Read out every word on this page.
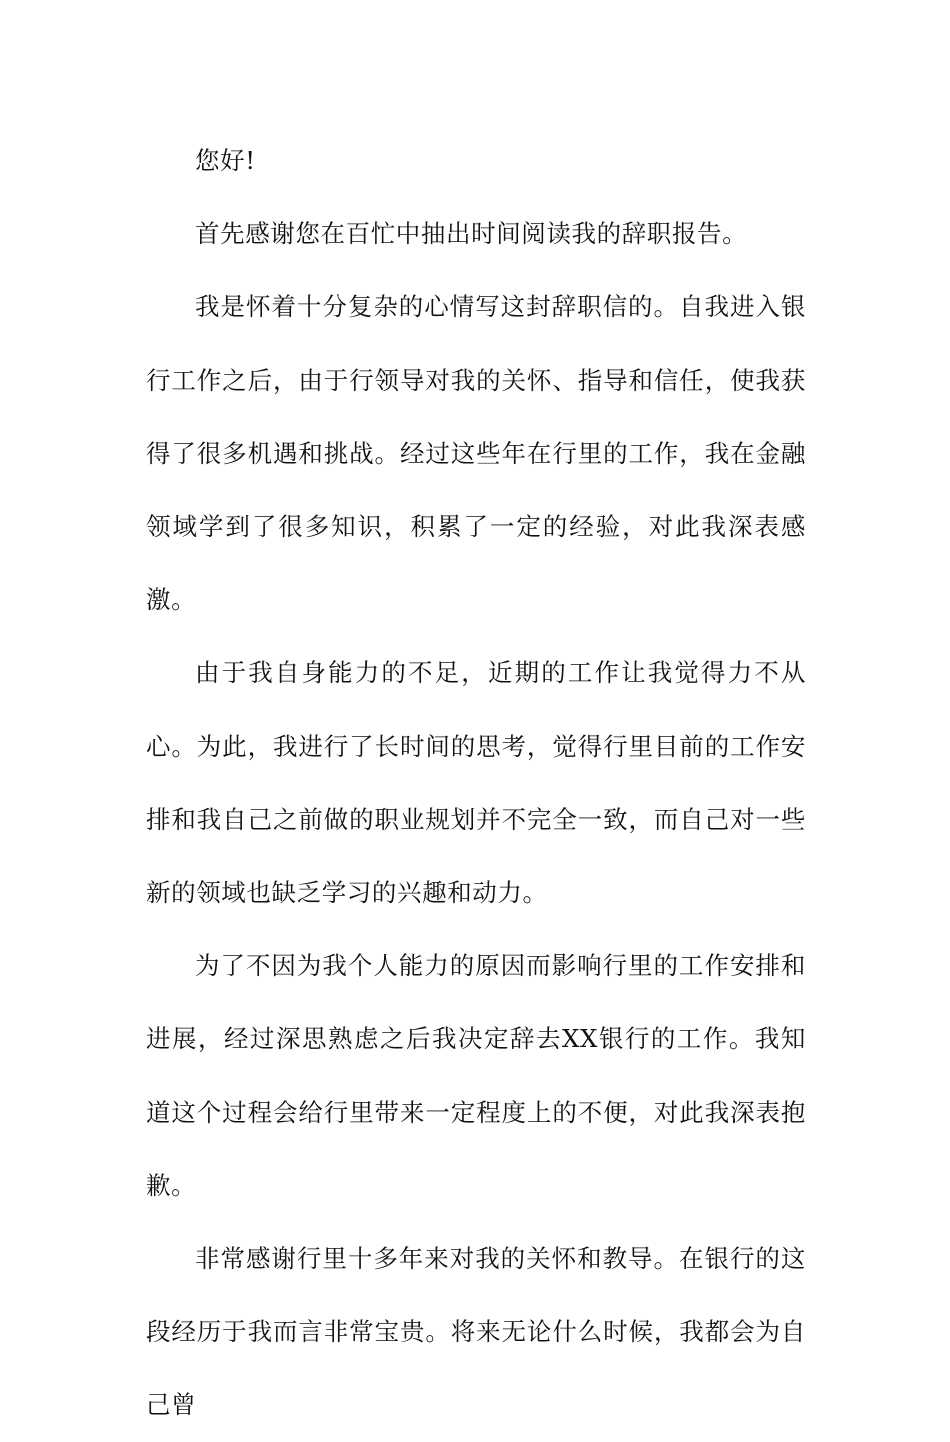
您好!

首先感谢您在百忙中抽出时间阅读我的辞职报告。

我是怀着十分复杂的心情写这封辞职信的。自我进入银行工作之后，由于行领导对我的关怀、指导和信任，使我获得了很多机遇和挑战。经过这些年在行里的工作，我在金融领域学到了很多知识，积累了一定的经验，对此我深表感激。

由于我自身能力的不足，近期的工作让我觉得力不从心。为此，我进行了长时间的思考，觉得行里目前的工作安排和我自己之前做的职业规划并不完全一致，而自己对一些新的领域也缺乏学习的兴趣和动力。

为了不因为我个人能力的原因而影响行里的工作安排和进展，经过深思熟虑之后我决定辞去XX银行的工作。我知道这个过程会给行里带来一定程度上的不便，对此我深表抱歉。

非常感谢行里十多年来对我的关怀和教导。在银行的这段经历于我而言非常宝贵。将来无论什么时候，我都会为自己曾
